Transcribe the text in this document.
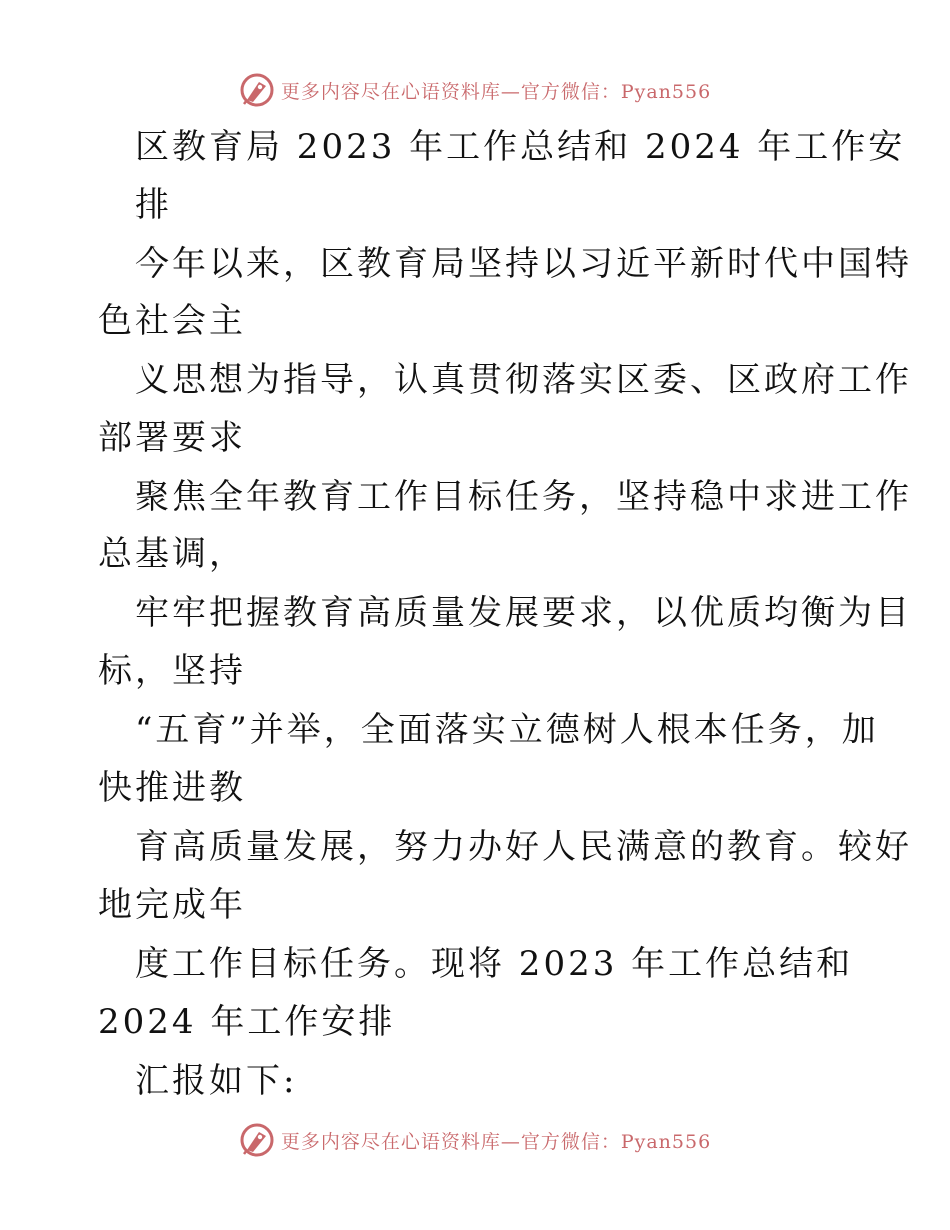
更多内容尽在心语资料库—官方微信：Pyan556
区教育局 2023 年工作总结和 2024 年工作安
排
今年以来，区教育局坚持以习近平新时代中国特
色社会主
义思想为指导，认真贯彻落实区委、区政府工作
部署要求
聚焦全年教育工作目标任务，坚持稳中求进工作
总基调，
牢牢把握教育高质量发展要求，以优质均衡为目
标，坚持
“五育”并举，全面落实立德树人根本任务，加
快推进教
育高质量发展，努力办好人民满意的教育。较好
地完成年
度工作目标任务。现将 2023 年工作总结和
2024 年工作安排
汇报如下:
更多内容尽在心语资料库—官方微信：Pyan556
